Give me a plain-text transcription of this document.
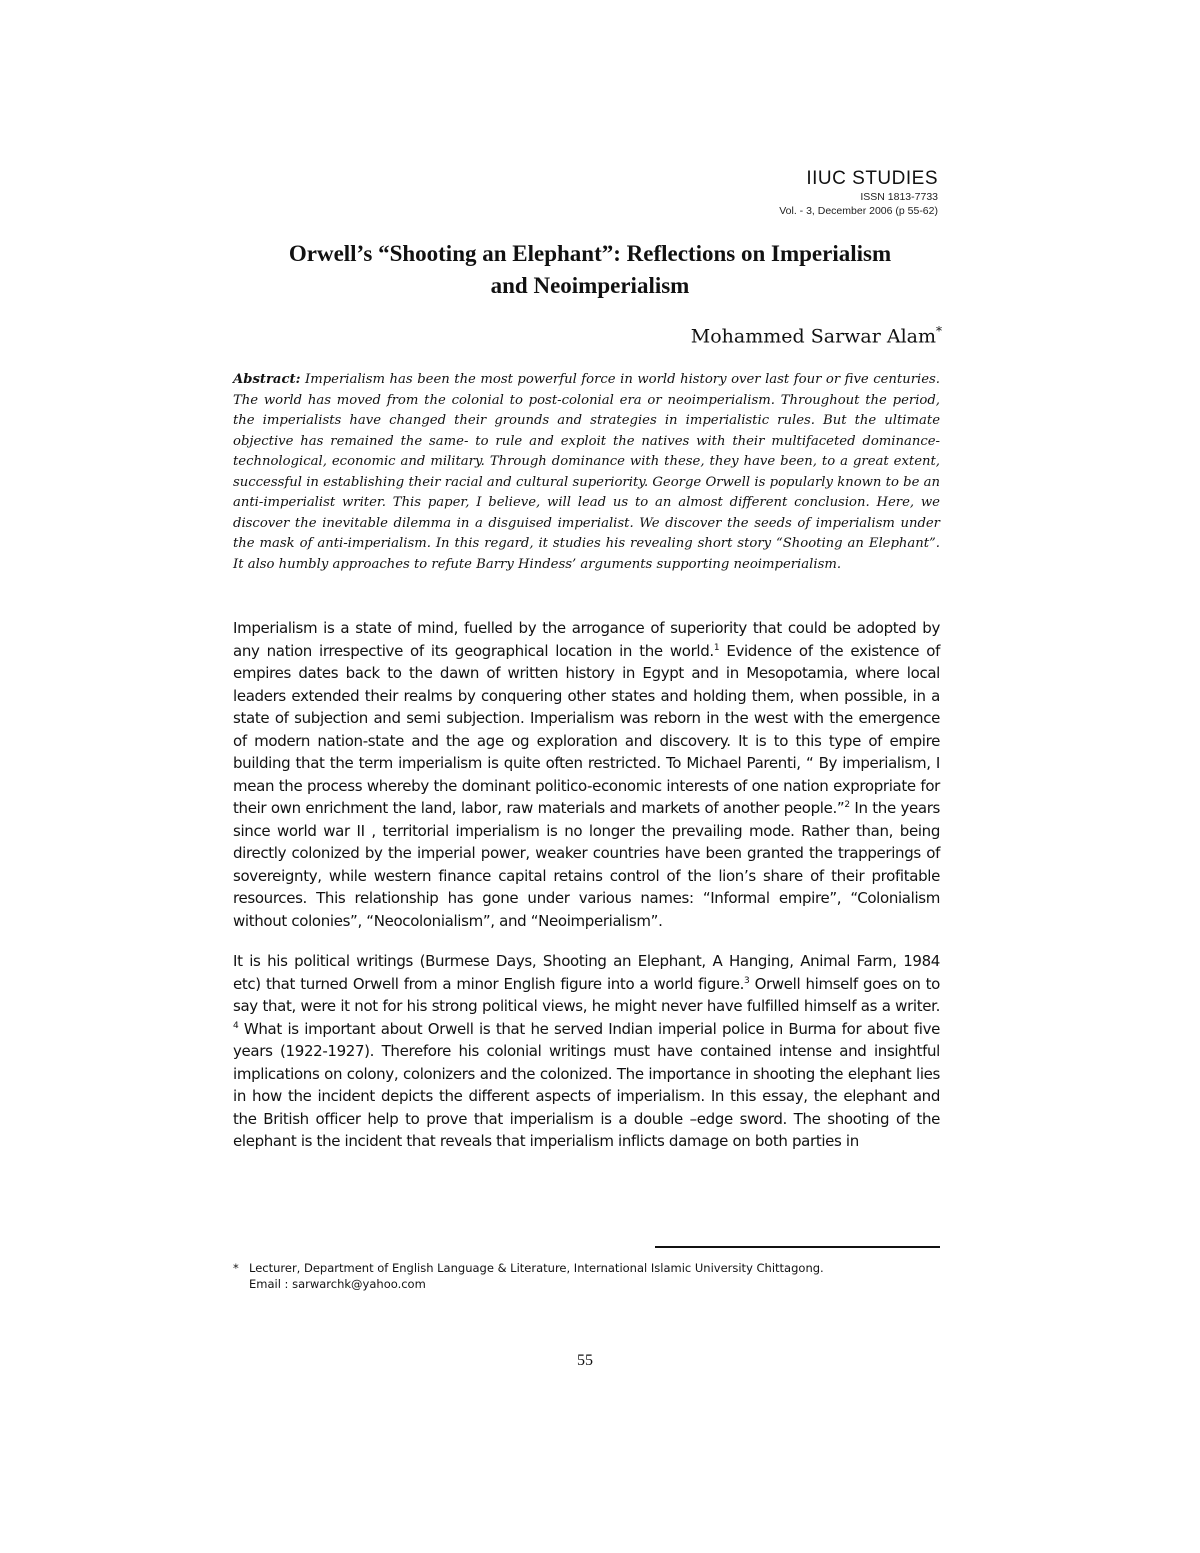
IIUC STUDIES
ISSN 1813-7733
Vol. - 3, December 2006 (p 55-62)
Orwell’s “Shooting an Elephant”: Reflections on Imperialism
and Neoimperialism
Mohammed Sarwar Alam*
Abstract: Imperialism has been the most powerful force in world history over last four or five centuries. The world has moved from the colonial to post-colonial era or neoimperialism. Throughout the period, the imperialists have changed their grounds and strategies in imperialistic rules. But the ultimate objective has remained the same- to rule and exploit the natives with their multifaceted dominance-technological, economic and military. Through dominance with these, they have been, to a great extent, successful in establishing their racial and cultural superiority. George Orwell is popularly known to be an anti-imperialist writer. This paper, I believe, will lead us to an almost different conclusion. Here, we discover the inevitable dilemma in a disguised imperialist. We discover the seeds of imperialism under the mask of anti-imperialism. In this regard, it studies his revealing short story “Shooting an Elephant”. It also humbly approaches to refute Barry Hindess’ arguments supporting neoimperialism.

Imperialism is a state of mind, fuelled by the arrogance of superiority that could be adopted by any nation irrespective of its geographical location in the world.$^1$ Evidence of the existence of empires dates back to the dawn of written history in Egypt and in Mesopotamia, where local leaders extended their realms by conquering other states and holding them, when possible, in a state of subjection and semi subjection. Imperialism was reborn in the west with the emergence of modern nation-state and the age og exploration and discovery. It is to this type of empire building that the term imperialism is quite often restricted. To Michael Parenti, “ By imperialism, I mean the process whereby the dominant politico-economic interests of one nation expropriate for their own enrichment the land, labor, raw materials and markets of another people.”$^2$ In the years since world war II , territorial imperialism is no longer the prevailing mode. Rather than, being directly colonized by the imperial power, weaker countries have been granted the trapperings of sovereignty, while western finance capital retains control of the lion’s share of their profitable resources. This relationship has gone under various names: “Informal empire”, “Colonialism without colonies”, “Neocolonialism”, and “Neoimperialism”.

It is his political writings (Burmese Days, Shooting an Elephant, A Hanging, Animal Farm, 1984 etc) that turned Orwell from a minor English figure into a world figure.$^3$ Orwell himself goes on to say that, were it not for his strong political views, he might never have fulfilled himself as a writer. $^4$ What is important about Orwell is that he served Indian imperial police in Burma for about five years (1922-1927). Therefore his colonial writings must have contained intense and insightful implications on colony, colonizers and the colonized. The importance in shooting the elephant lies in how the incident depicts the different aspects of imperialism. In this essay, the elephant and the British officer help to prove that imperialism is a double –edge sword. The shooting of the elephant is the incident that reveals that imperialism inflicts damage on both parties in

* Lecturer, Department of English Language & Literature, International Islamic University Chittagong.
Email : sarwarchk@yahoo.com
55
